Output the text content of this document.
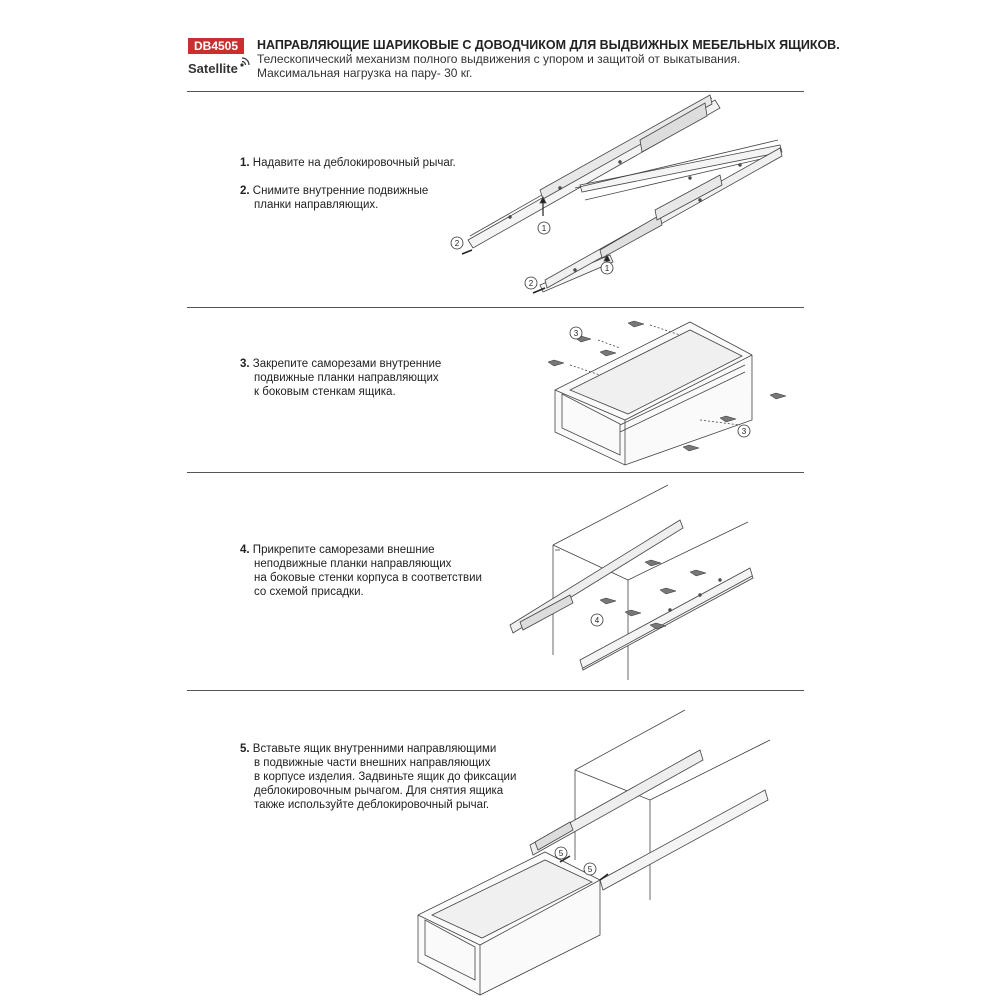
DB4505
Satellite
НАПРАВЛЯЮЩИЕ ШАРИКОВЫЕ С ДОВОДЧИКОМ ДЛЯ ВЫДВИЖНЫХ МЕБЕЛЬНЫХ ЯЩИКОВ.
Телескопический механизм полного выдвижения с упором и защитой от выкатывания.
Максимальная нагрузка на пару- 30 кг.
1. Надавите на деблокировочный рычаг.
2. Снимите внутренние подвижные
планки направляющих.
3. Закрепите саморезами внутренние
подвижные планки направляющих
к боковым стенкам ящика.
4. Прикрепите саморезами внешние
неподвижные планки направляющих
на боковые стенки корпуса в соответствии
со схемой присадки.
5. Вставьте ящик внутренними направляющими
в подвижные части внешних направляющих
в корпусе изделия. Задвиньте ящик до фиксации
деблокировочным рычагом. Для снятия ящика
также используйте деблокировочный рычаг.
1
1
2
2
3
3
4
5
5
